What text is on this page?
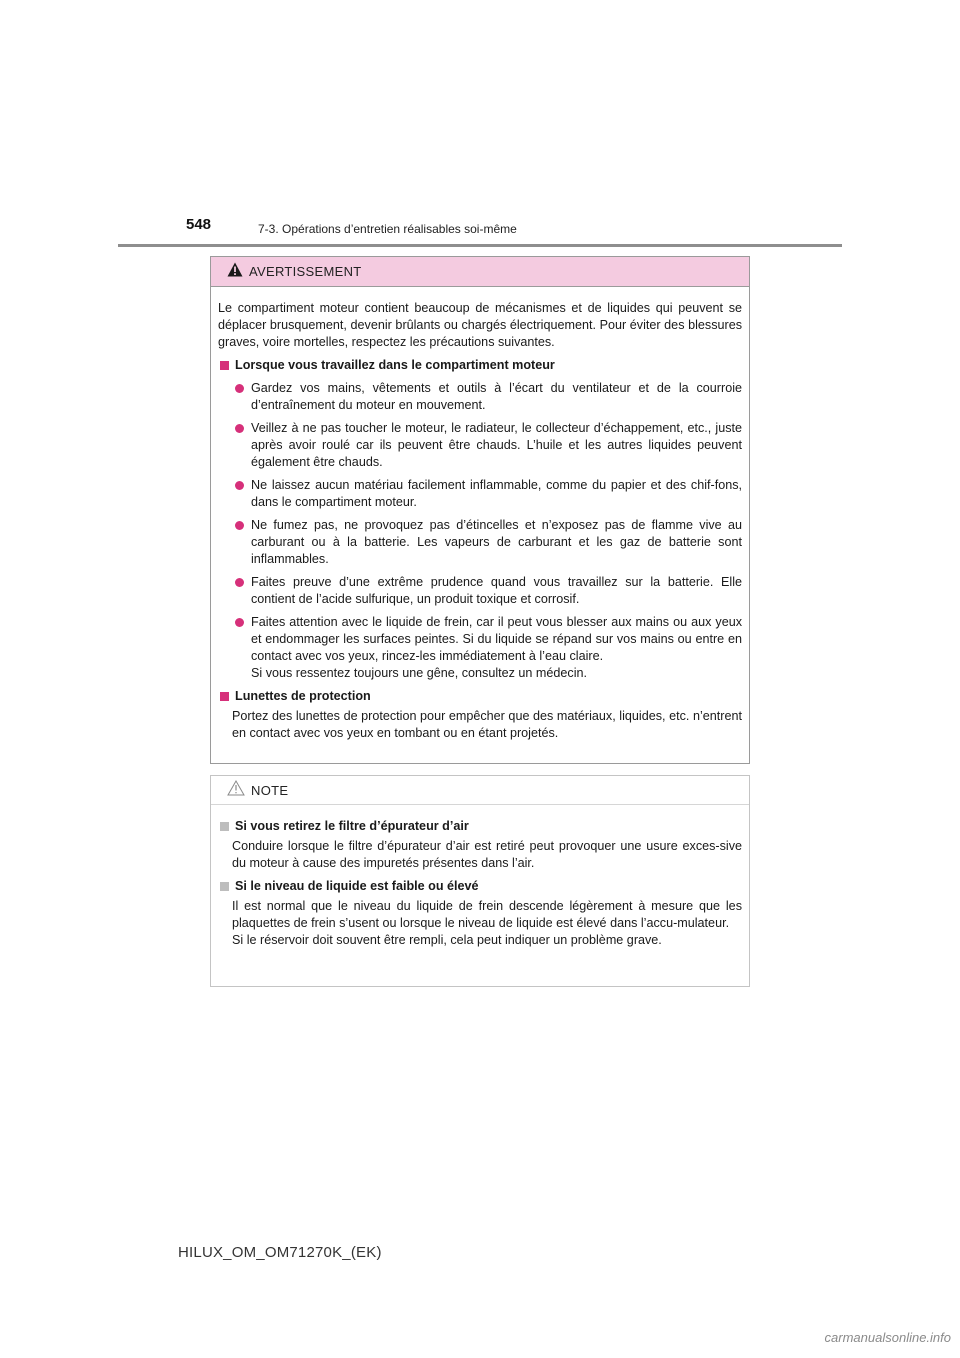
548	7-3. Opérations d’entretien réalisables soi-même
AVERTISSEMENT

Le compartiment moteur contient beaucoup de mécanismes et de liquides qui peuvent se déplacer brusquement, devenir brûlants ou chargés électriquement. Pour éviter des blessures graves, voire mortelles, respectez les précautions suivantes.

Lorsque vous travaillez dans le compartiment moteur
Gardez vos mains, vêtements et outils à l’écart du ventilateur et de la courroie d’entraînement du moteur en mouvement.
Veillez à ne pas toucher le moteur, le radiateur, le collecteur d’échappement, etc., juste après avoir roulé car ils peuvent être chauds. L’huile et les autres liquides peuvent également être chauds.
Ne laissez aucun matériau facilement inflammable, comme du papier et des chif-fons, dans le compartiment moteur.
Ne fumez pas, ne provoquez pas d’étincelles et n’exposez pas de flamme vive au carburant ou à la batterie. Les vapeurs de carburant et les gaz de batterie sont inflammables.
Faites preuve d’une extrême prudence quand vous travaillez sur la batterie. Elle contient de l’acide sulfurique, un produit toxique et corrosif.
Faites attention avec le liquide de frein, car il peut vous blesser aux mains ou aux yeux et endommager les surfaces peintes. Si du liquide se répand sur vos mains ou entre en contact avec vos yeux, rincez-les immédiatement à l’eau claire.
Si vous ressentez toujours une gêne, consultez un médecin.
Lunettes de protection
Portez des lunettes de protection pour empêcher que des matériaux, liquides, etc. n’entrent en contact avec vos yeux en tombant ou en étant projetés.
NOTE
Si vous retirez le filtre d’épurateur d’air
Conduire lorsque le filtre d’épurateur d’air est retiré peut provoquer une usure exces-sive du moteur à cause des impuretés présentes dans l’air.
Si le niveau de liquide est faible ou élevé
Il est normal que le niveau du liquide de frein descende légèrement à mesure que les plaquettes de frein s’usent ou lorsque le niveau de liquide est élevé dans l’accu-mulateur.
Si le réservoir doit souvent être rempli, cela peut indiquer un problème grave.
HILUX_OM_OM71270K_(EK)
carmanualsonline.info
